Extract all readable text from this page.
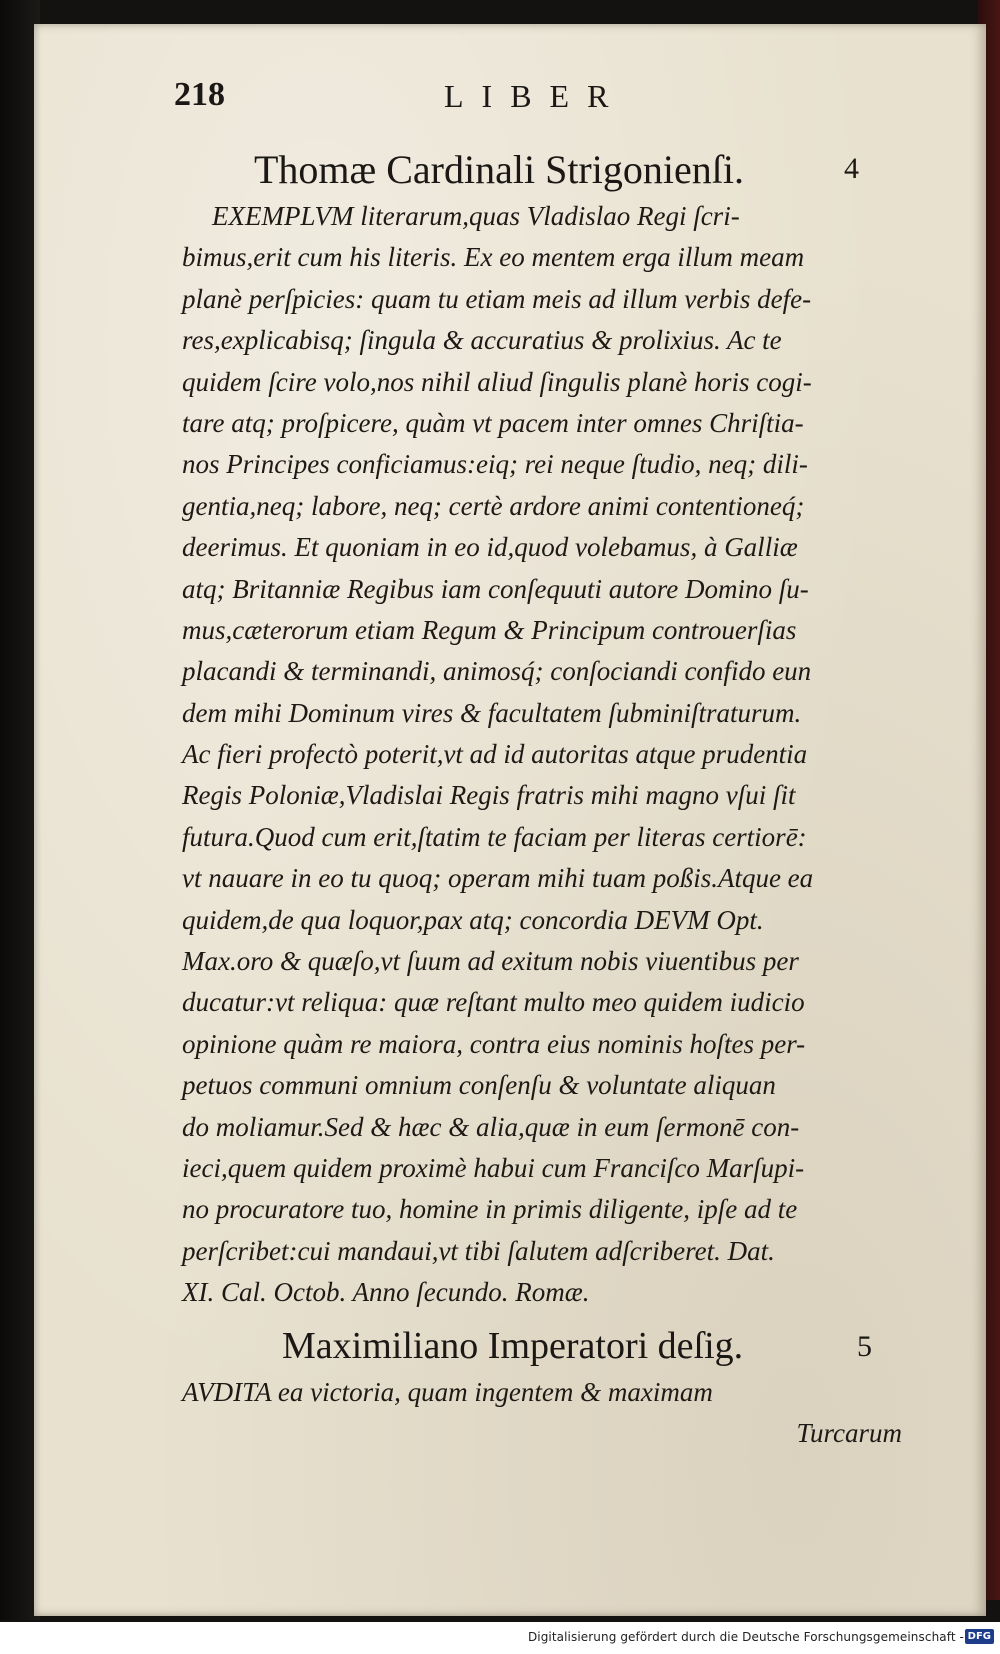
218	LIBER
Thomæ Cardinali Strigonienſi.	4
EXEMPLVM literarum,quas Vladislao Regi ſcri-
bimus,erit cum his literis. Ex eo mentem erga illum meam
planè perſpicies: quam tu etiam meis ad illum verbis defe-
res,explicabisq; ſingula & accuratius & prolixius. Ac te
quidem ſcire volo,nos nihil aliud ſingulis planè horis cogi-
tare atq; proſpicere, quàm vt pacem inter omnes Chriſtia-
nos Principes conficiamus:eiq; rei neque ſtudio, neq; dili-
gentia,neq; labore, neq; certè ardore animi contentioneq́;
deerimus. Et quoniam in eo id,quod volebamus, à Galliæ
atq; Britanniæ Regibus iam conſequuti autore Domino ſu-
mus,cæterorum etiam Regum & Principum controuerſias
placandi & terminandi, animosq́; conſociandi confido eun
dem mihi Dominum vires & facultatem ſubminiſtraturum.
Ac fieri profectò poterit,vt ad id autoritas atque prudentia
Regis Poloniæ,Vladislai Regis fratris mihi magno vſui ſit
futura.Quod cum erit,ſtatim te faciam per literas certiorē:
vt nauare in eo tu quoq; operam mihi tuam poßis.Atque ea
quidem,de qua loquor,pax atq; concordia DEVM Opt.
Max.oro & quæſo,vt ſuum ad exitum nobis viuentibus per
ducatur:vt reliqua: quæ reſtant multo meo quidem iudicio
opinione quàm re maiora, contra eius nominis hoſtes per-
petuos communi omnium conſenſu & voluntate aliquan
do moliamur.Sed & hæc & alia,quæ in eum ſermonē con-
ieci,quem quidem proximè habui cum Franciſco Marſupi-
no procuratore tuo, homine in primis diligente, ipſe ad te
perſcribet:cui mandaui,vt tibi ſalutem adſcriberet. Dat.
XI. Cal. Octob. Anno ſecundo. Romæ.
Maximiliano Imperatori deſig.	5
AVDITA ea victoria, quam ingentem & maximam
Turcarum
Digitalisierung gefördert durch die Deutsche Forschungsgemeinschaft - DFG
